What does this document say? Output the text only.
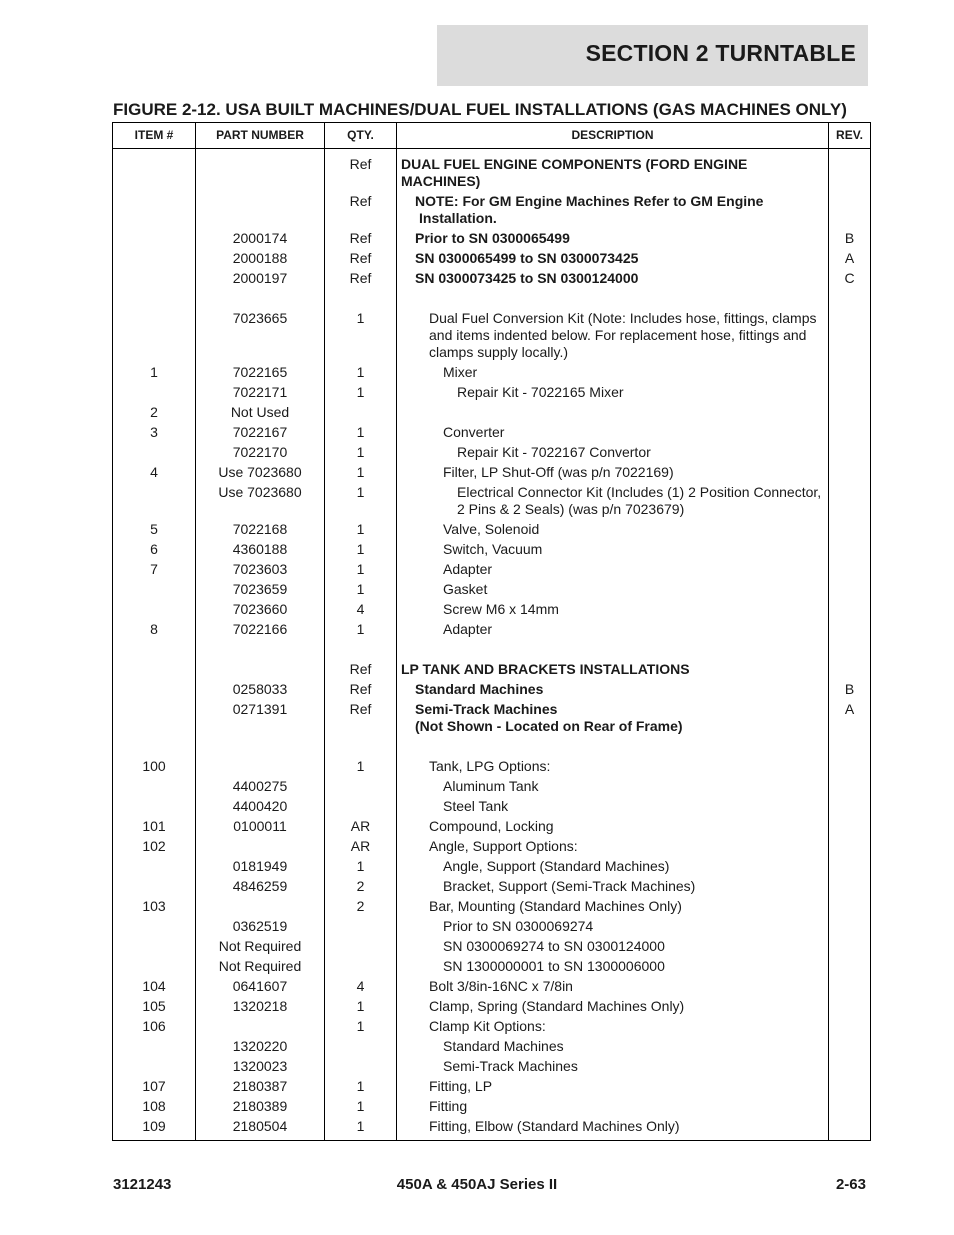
SECTION 2 TURNTABLE
FIGURE 2-12. USA BUILT MACHINES/DUAL FUEL INSTALLATIONS (GAS MACHINES ONLY)
ITEM #	PART NUMBER	QTY.	DESCRIPTION	REV.
		Ref	DUAL FUEL ENGINE COMPONENTS (FORD ENGINE MACHINES)	
		Ref	NOTE: For GM Engine Machines Refer to GM Engine
Installation.	

	2000174	Ref	Prior to SN 0300065499	B
	2000188	Ref	SN 0300065499 to SN 0300073425	A
	2000197	Ref	SN 0300073425 to SN 0300124000	C

	7023665	1	Dual Fuel Conversion Kit (Note: Includes hose, fittings, clamps and items indented below. For replacement hose, fittings and clamps supply locally.)	
1	7022165	1	Mixer	
	7022171	1	Repair Kit - 7022165 Mixer	
2	Not Used			
3	7022167	1	Converter	
	7022170	1	Repair Kit - 7022167 Convertor	
4	Use 7023680	1	Filter, LP Shut-Off (was p/n 7022169)	
	Use 7023680	1	Electrical Connector Kit (Includes (1) 2 Position Connector, 2 Pins & 2 Seals) (was p/n 7023679)	
5	7022168	1	Valve, Solenoid	
6	4360188	1	Switch, Vacuum	
7	7023603	1	Adapter	
	7023659	1	Gasket	
	7023660	4	Screw M6 x 14mm	
8	7022166	1	Adapter	

		Ref	LP TANK AND BRACKETS INSTALLATIONS	
	0258033	Ref	Standard Machines	B
	0271391	Ref	Semi-Track Machines
(Not Shown - Located on Rear of Frame)	A

100		1	Tank, LPG Options:	
	4400275		Aluminum Tank	
	4400420		Steel Tank	
101	0100011	AR	Compound, Locking	
102		AR	Angle, Support Options:	
	0181949	1	Angle, Support (Standard Machines)	
	4846259	2	Bracket, Support (Semi-Track Machines)	
103		2	Bar, Mounting (Standard Machines Only)	
	0362519		Prior to SN 0300069274	
	Not Required		SN 0300069274 to SN 0300124000	
	Not Required		SN 1300000001 to SN 1300006000	
104	0641607	4	Bolt 3/8in-16NC x 7/8in	
105	1320218	1	Clamp, Spring (Standard Machines Only)	
106		1	Clamp Kit Options:	
	1320220		Standard Machines	
	1320023		Semi-Track Machines	
107	2180387	1	Fitting, LP	
108	2180389	1	Fitting	
109	2180504	1	Fitting, Elbow (Standard Machines Only)	
3121243	450A & 450AJ Series II	2-63
